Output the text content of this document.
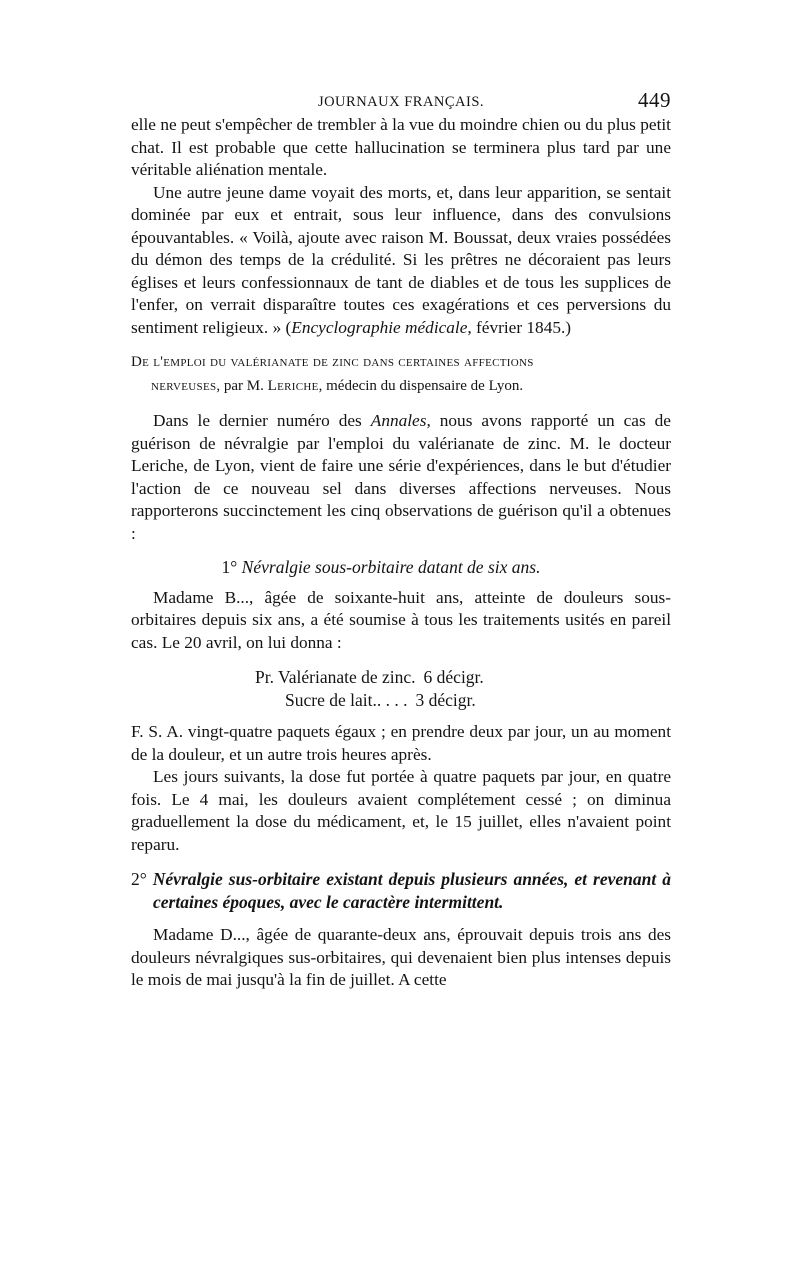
JOURNAUX FRANÇAIS.	449

elle ne peut s'empêcher de trembler à la vue du moindre chien ou du plus petit chat. Il est probable que cette hallucination se terminera plus tard par une véritable aliénation mentale.

Une autre jeune dame voyait des morts, et, dans leur apparition, se sentait dominée par eux et entrait, sous leur influence, dans des convulsions épouvantables. « Voilà, ajoute avec raison M. Boussat, deux vraies possédées du démon des temps de la crédulité. Si les prêtres ne décoraient pas leurs églises et leurs confessionnaux de tant de diables et de tous les supplices de l'enfer, on verrait disparaître toutes ces exagérations et ces perversions du sentiment religieux. » (Encyclographie médicale, février 1845.)

De l'emploi du valérianate de zinc dans certaines affections
nerveuses, par M. Leriche, médecin du dispensaire de Lyon.

Dans le dernier numéro des Annales, nous avons rapporté un cas de guérison de névralgie par l'emploi du valérianate de zinc. M. le docteur Leriche, de Lyon, vient de faire une série d'expériences, dans le but d'étudier l'action de ce nouveau sel dans diverses affections nerveuses. Nous rapporterons succinctement les cinq observations de guérison qu'il a obtenues :

1° Névralgie sous-orbitaire datant de six ans.

Madame B..., âgée de soixante-huit ans, atteinte de douleurs sous-orbitaires depuis six ans, a été soumise à tous les traitements usités en pareil cas. Le 20 avril, on lui donna :

Pr. Valérianate de zinc. 6 décigr.
Sucre de lait.. . . . 3 décigr.

F. S. A. vingt-quatre paquets égaux ; en prendre deux par jour, un au moment de la douleur, et un autre trois heures après.

Les jours suivants, la dose fut portée à quatre paquets par jour, en quatre fois. Le 4 mai, les douleurs avaient complétement cessé ; on diminua graduellement la dose du médicament, et, le 15 juillet, elles n'avaient point reparu.

2° Névralgie sus-orbitaire existant depuis plusieurs années, et revenant à certaines époques, avec le caractère intermittent.

Madame D..., âgée de quarante-deux ans, éprouvait depuis trois ans des douleurs névralgiques sus-orbitaires, qui devenaient bien plus intenses depuis le mois de mai jusqu'à la fin de juillet. A cette
